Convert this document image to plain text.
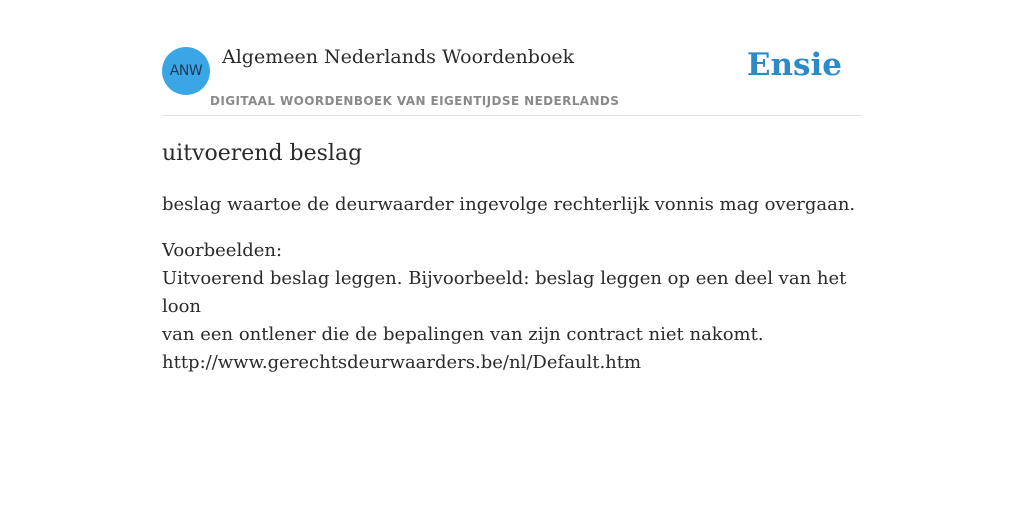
ANW
Algemeen Nederlands Woordenboek
DIGITAAL WOORDENBOEK VAN EIGENTIJDSE NEDERLANDS
Ensie
uitvoerend beslag

beslag waartoe de deurwaarder ingevolge rechterlijk vonnis mag overgaan.

Voorbeelden:
Uitvoerend beslag leggen. Bijvoorbeeld: beslag leggen op een deel van het loon
van een ontlener die de bepalingen van zijn contract niet nakomt.
http://www.gerechtsdeurwaarders.be/nl/Default.htm
